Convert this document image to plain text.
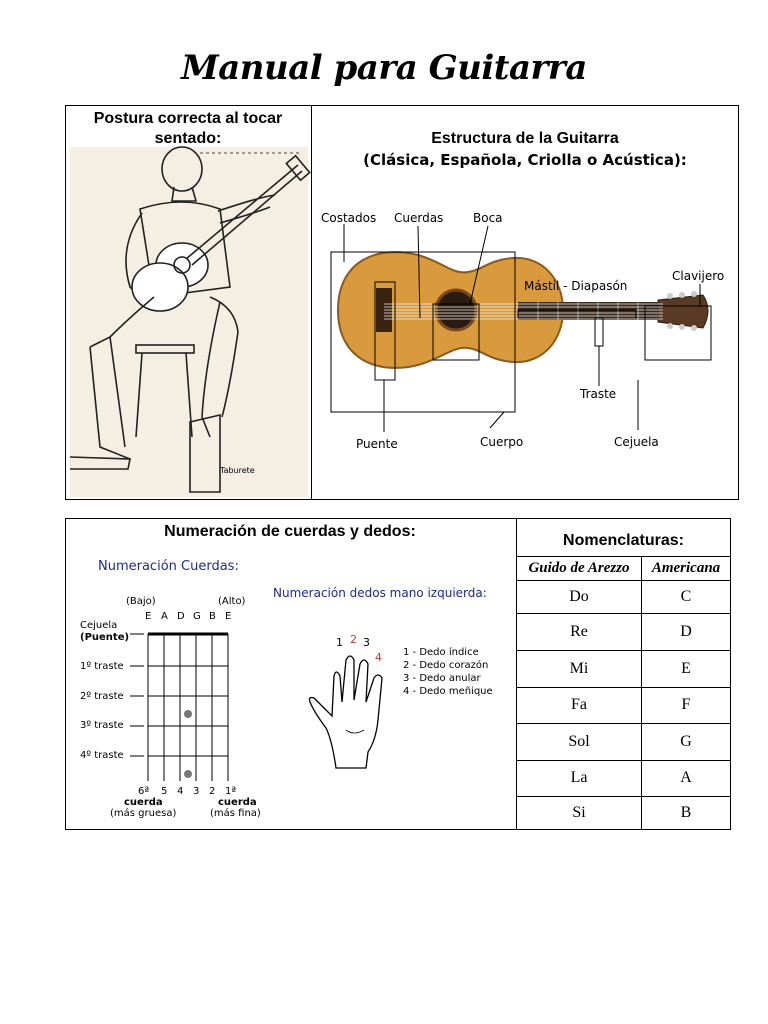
Manual para Guitarra
Postura correcta al tocar sentado:
Taburete
Estructura de la Guitarra
(Clásica, Española, Criolla o Acústica):
Costados Cuerdas Boca
Mástil - Diapasón
Clavijero
Traste
Puente	Cuerpo	Cejuela
Numeración de cuerdas y dedos:
Numeración Cuerdas:
(Bajo)	(Alto)
E A D G B E
Cejuela
(Puente)
1º traste
2º traste
3º traste
4º traste
6ª 5 4 3 2 1ª
cuerda
(más gruesa)
cuerda
(más fina)
Numeración dedos mano izquierda:
1 2 3
4 1 - Dedo índice
2 - Dedo corazón
3 - Dedo anular
4 - Dedo meñique
Nomenclaturas:
Guido de Arezzo	Americana
Do	C
Re	D
Mi	E
Fa	F
Sol	G
La	A
Si	B
